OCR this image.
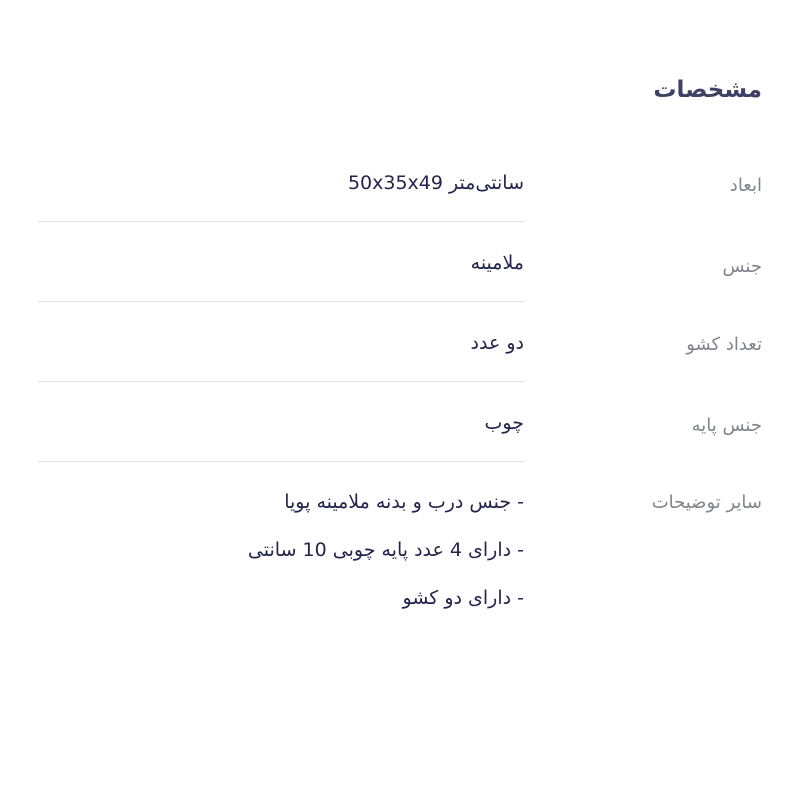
مشخصات
ابعاد
سانتی‌متر 50x35x49
جنس
ملامینه
تعداد کشو
دو عدد
جنس پایه
چوب
سایر توضیحات
- جنس درب و بدنه ملامینه پویا
- دارای 4 عدد پایه چوبی 10 سانتی
- دارای دو کشو
